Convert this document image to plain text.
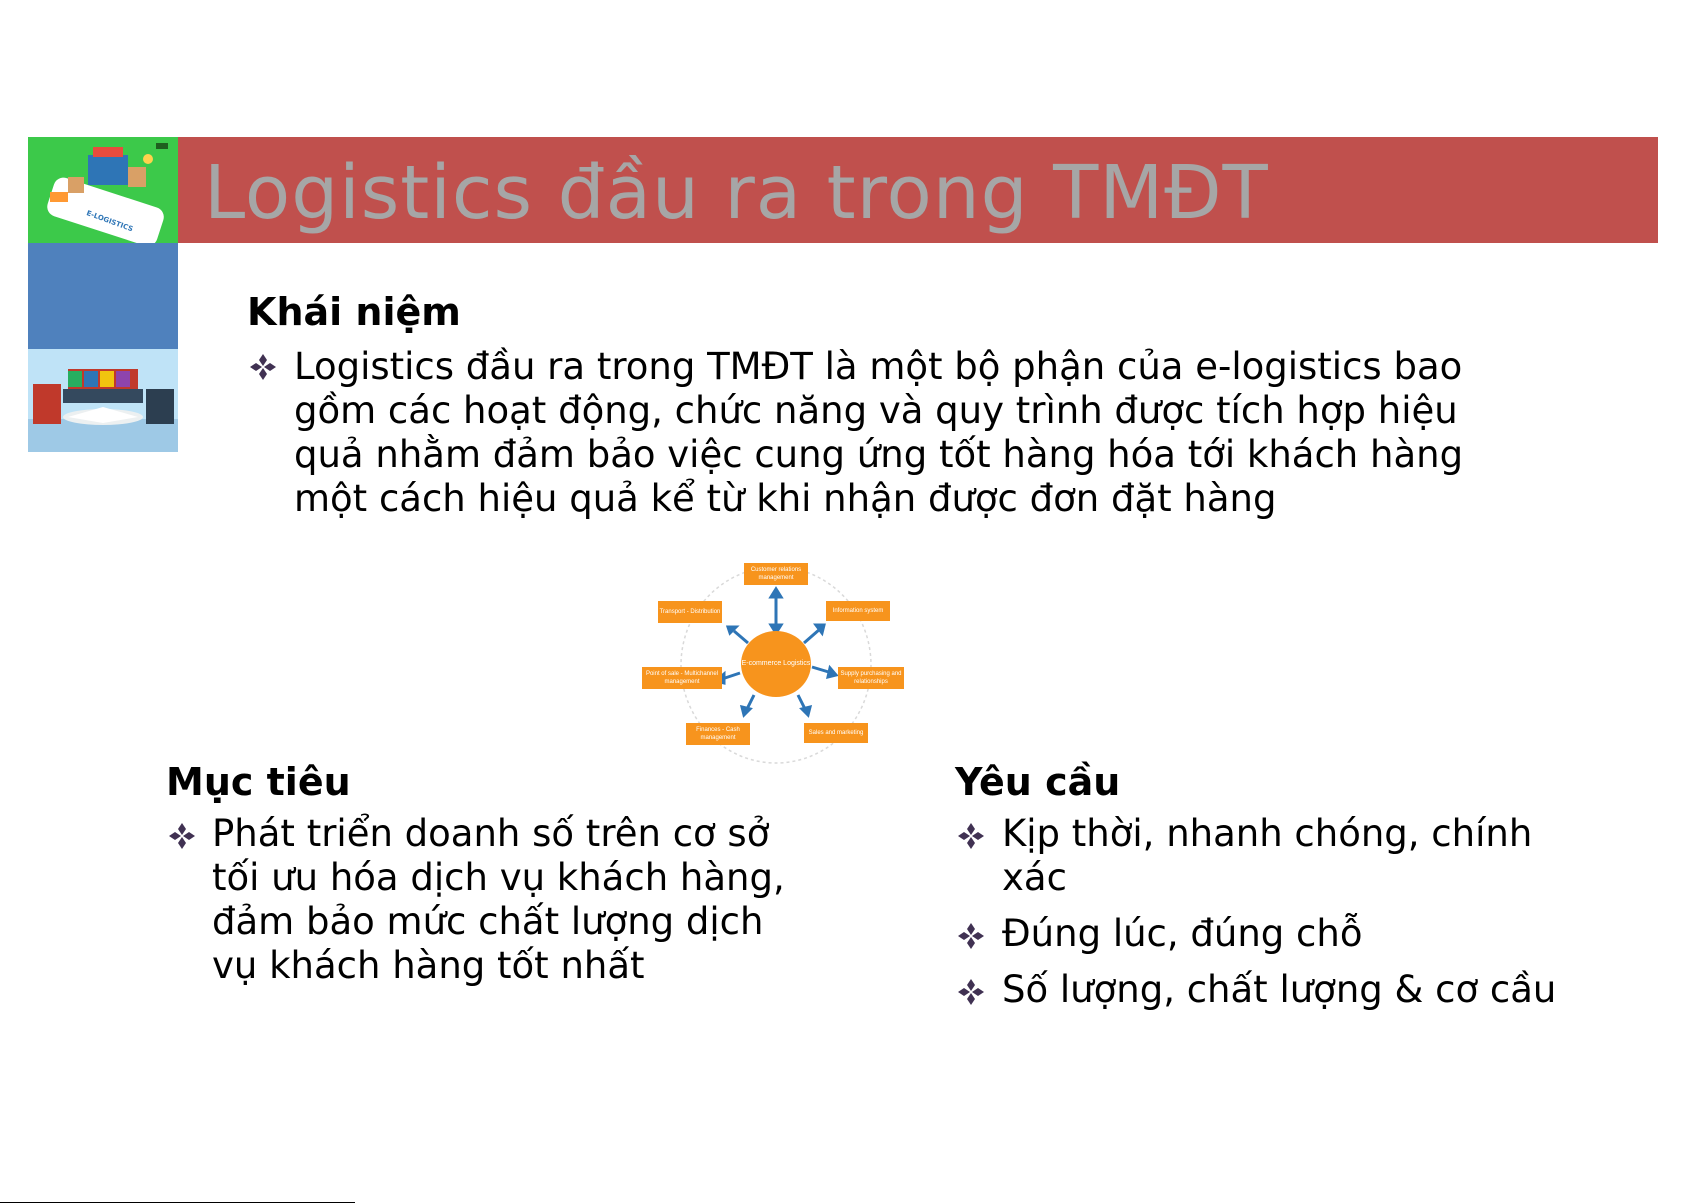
Logistics đầu ra trong TMĐT
E-LOGISTICS
Khái niệm
Logistics đầu ra trong TMĐT là một bộ phận của e-logistics bao
gồm các hoạt động, chức năng và quy trình được tích hợp hiệu
quả nhằm đảm bảo việc cung ứng tốt hàng hóa tới khách hàng
một cách hiệu quả kể từ khi nhận được đơn đặt hàng
E-commerce Logistics
Customer relations management
Information system
Supply purchasing and relationships
Sales and marketing
Finances - Cash management
Point of sale - Multichannel management
Transport - Distribution
Mục tiêu
Phát triển doanh số trên cơ sở
tối ưu hóa dịch vụ khách hàng,
đảm bảo mức chất lượng dịch
vụ khách hàng tốt nhất
Yêu cầu
Kịp thời, nhanh chóng, chính
xác
Đúng lúc, đúng chỗ
Số lượng, chất lượng & cơ cầu
